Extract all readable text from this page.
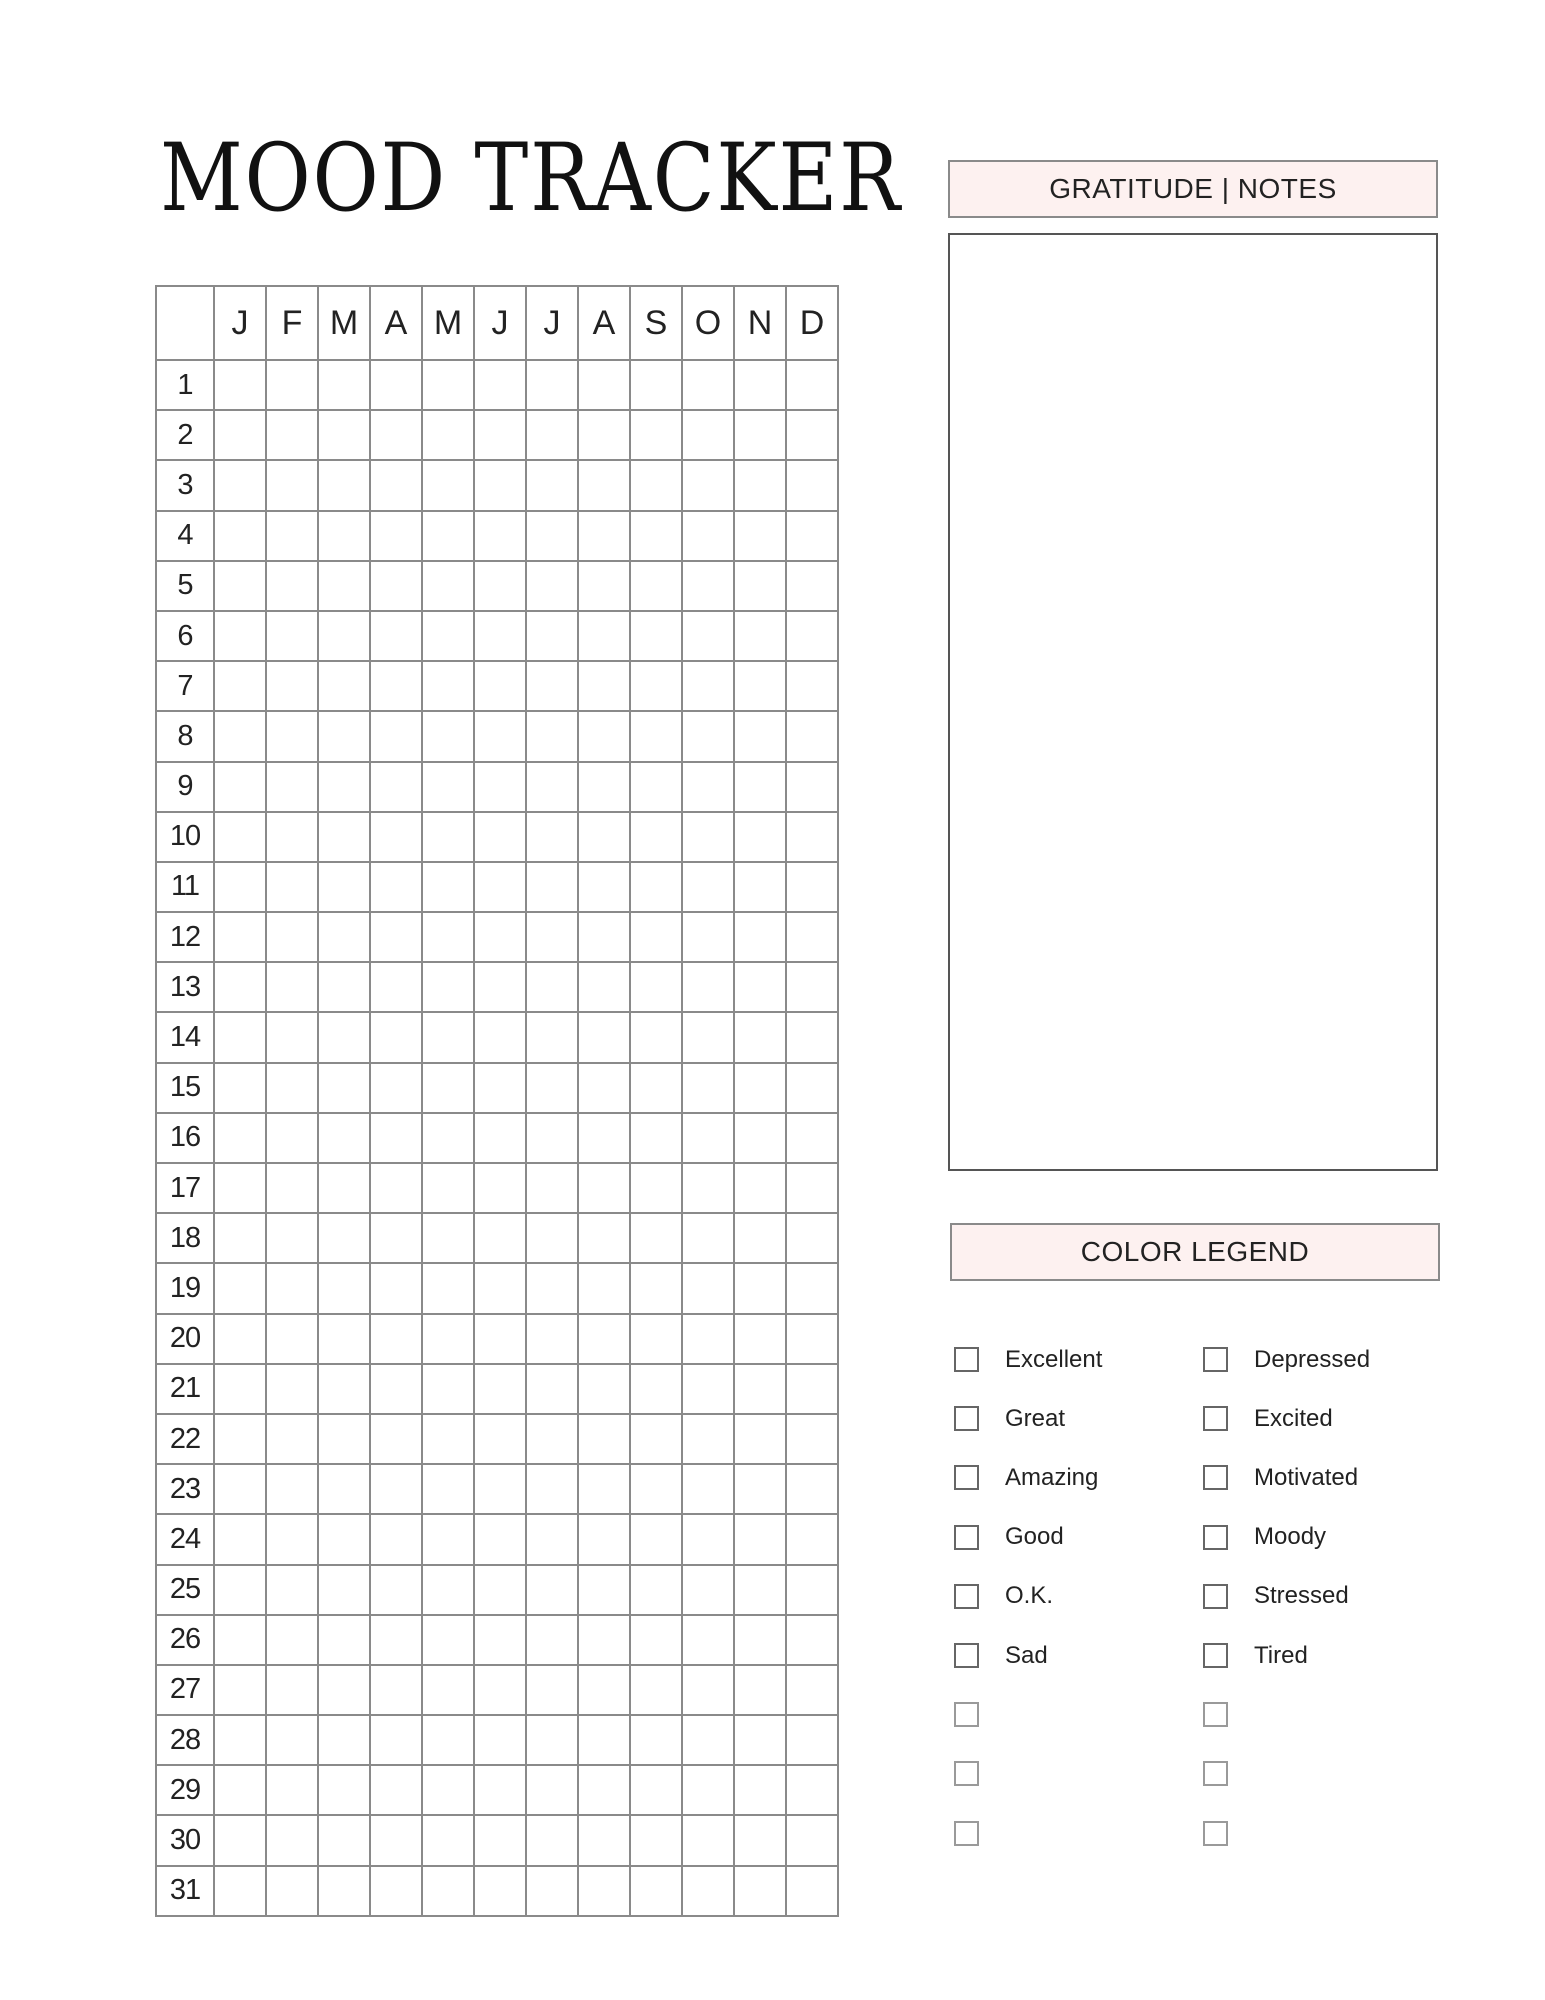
MOOD TRACKER
	J	F	M	A	M	J	J	A	S	O	N	D
1												
2												
3												
4												
5												
6												
7												
8												
9												
10												
11												
12												
13												
14												
15												
16												
17												
18												
19												
20												
21												
22												
23												
24												
25												
26												
27												
28												
29												
30												
31												
GRATITUDE | NOTES
COLOR LEGEND
Excellent
Great
Amazing
Good
O.K.
Sad
Depressed
Excited
Motivated
Moody
Stressed
Tired
